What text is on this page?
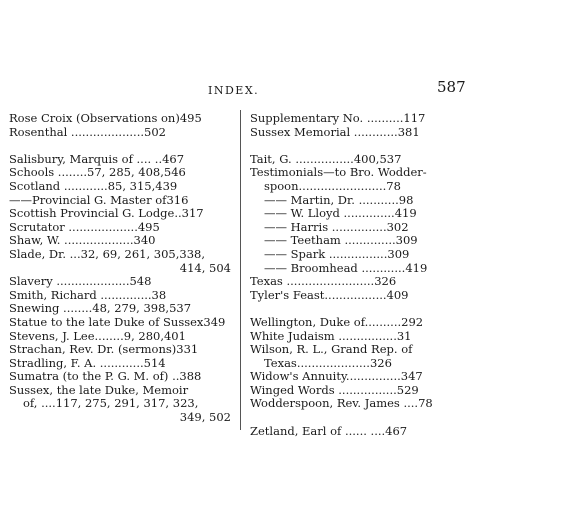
INDEX.	587
Rose Croix (Observations on) 495
Rosenthal .................... 502
Salisbury, Marquis of .... .. 467
Schools ........57, 285, 408, 546
Scotland ............85, 315, 439
——Provincial G. Master of 316
Scottish Provincial G. Lodge.. 317
Scrutator ................... 495
Shaw, W. ................... 340
Slade, Dr. ...32, 69, 261, 305, 338,
414, 504
Slavery .................... 548
Smith, Richard .............. 38
Snewing ........48, 279, 398, 537
Statue to the late Duke of Sussex 349
Stevens, J. Lee........9, 280, 401
Strachan, Rev. Dr. (sermons) 331
Stradling, F. A. ............ 514
Sumatra (to the P. G. M. of) .. 388
Sussex, the late Duke, Memoir
of, ....117, 275, 291, 317, 323,
349, 502
Supplementary No. .......... 117
Sussex Memorial ............ 381
Tait, G. ................400, 537
Testimonials—to Bro. Wodder-
spoon........................ 78
—— Martin, Dr. ........... 98
—— W. Lloyd .............. 419
—— Harris ............... 302
—— Teetham .............. 309
—— Spark ................ 309
—— Broomhead ............ 419
Texas ........................ 326
Tyler's Feast................. 409
Wellington, Duke of.......... 292
White Judaism ................ 31
Wilson, R. L., Grand Rep. of
Texas.................... 326
Widow's Annuity............... 347
Winged Words ................ 529
Wodderspoon, Rev. James .... 78
Zetland, Earl of ...... .... 467
